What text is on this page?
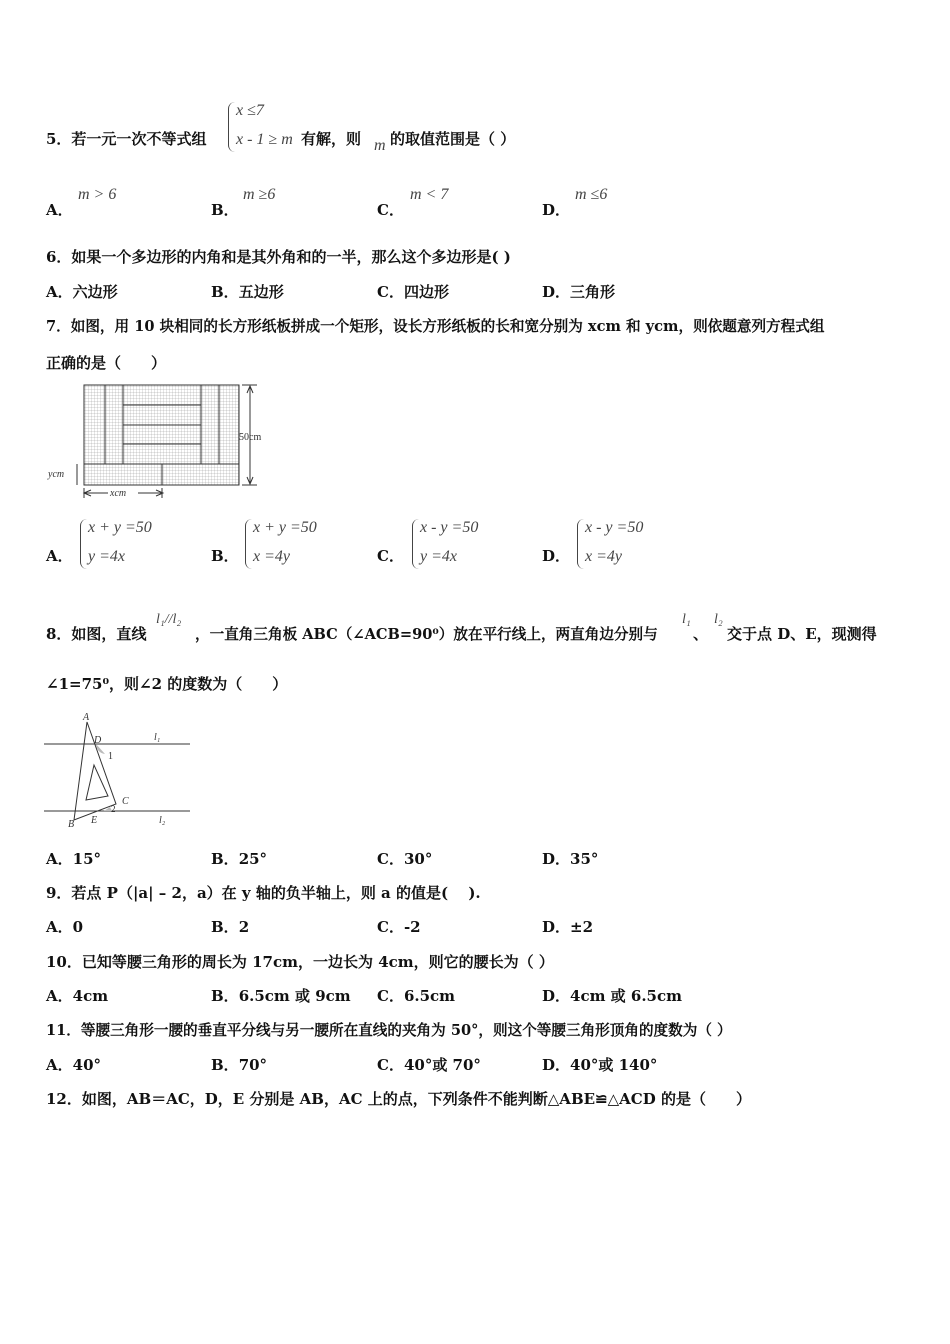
5．若一元一次不等式组
x ≤7
x - 1 ≥ m 有解，则 m 的取值范围是（ ）
A．
m > 6
B．
m ≥6
C．
m < 7
D．
m ≤6
6．如果一个多边形的内角和是其外角和的一半，那么这个多边形是( )
A．六边形	B．五边形	C．四边形	D．三角形
7．如图，用 10 块相同的长方形纸板拼成一个矩形，设长方形纸板的长和宽分别为 xcm 和 ycm，则依题意列方程式组
正确的是（　　）
50cm
ycm
xcm
A．
x + y =50
y =4x	B．
x + y =50
x =4y	C．
x - y =50
y =4x	D．
x - y =50
x =4y
8．如图，直线
l₁//l₂
，一直角三角板 ABC（∠ACB=90⁰）放在平行线上，两直角边分别与
l₁
、
l₂
交于点 D、E，现测得
∠1=75⁰，则∠2 的度数为（　　）
A
D
1
C
2
B E
l₁
l₂
A．15°	B．25°	C．30°	D．35°
9．若点 P（|a| – 2，a）在 y 轴的负半轴上，则 a 的值是(　 ).
A．0	B．2	C．-2	D．±2
10．已知等腰三角形的周长为 17cm，一边长为 4cm，则它的腰长为（ ）
A．4cm	B．6.5cm 或 9cm C．6.5cm	D．4cm 或 6.5cm
11．等腰三角形一腰的垂直平分线与另一腰所在直线的夹角为 50°，则这个等腰三角形顶角的度数为（ ）
A．40°	B．70°	C．40°或 70°	D．40°或 140°
12．如图，AB＝AC，D，E 分别是 AB，AC 上的点，下列条件不能判断△ABE≌△ACD 的是（　　）
